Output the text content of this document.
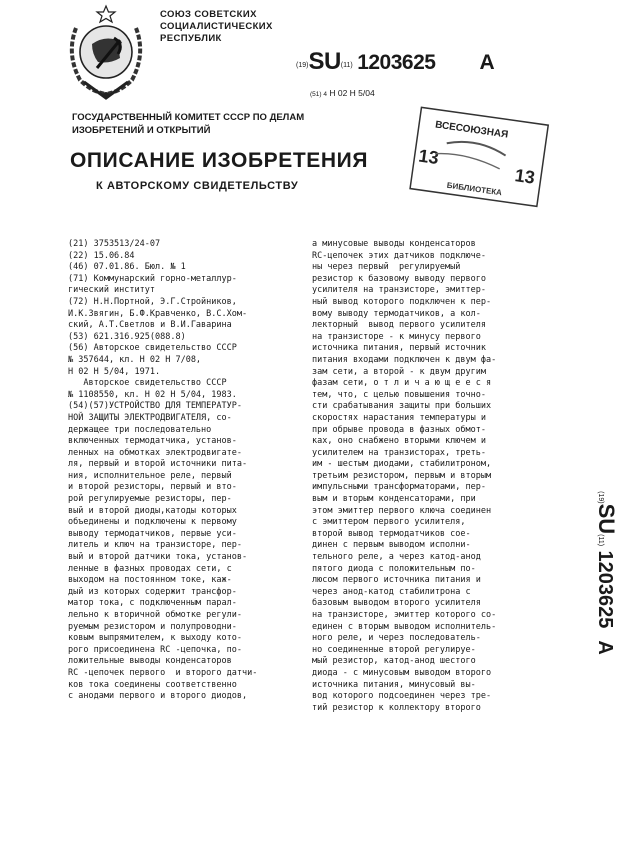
СОЮЗ СОВЕТСКИХ СОЦИАЛИСТИЧЕСКИХ РЕСПУБЛИК
(19)SU(11) 1203625 A
(51) 4 Н 02 Н 5/04
ГОСУДАРСТВЕННЫЙ КОМИТЕТ СССР ПО ДЕЛАМ ИЗОБРЕТЕНИЙ И ОТКРЫТИЙ
ОПИСАНИЕ ИЗОБРЕТЕНИЯ
К АВТОРСКОМУ СВИДЕТЕЛЬСТВУ
ВСЕСОЮЗНАЯ
13
13
БИБЛИОТЕКА
(21) 3753513/24-07
(22) 15.06.84
(46) 07.01.86. Бюл. № 1
(71) Коммунарский горно-металлур-
гический институт
(72) Н.Н.Портной, Э.Г.Стройников,
И.К.Звягин, Б.Ф.Кравченко, В.С.Хом-
ский, А.Т.Светлов и В.И.Гаварина
(53) 621.316.925(088.8)
(56) Авторское свидетельство СССР
№ 357644, кл. Н 02 Н 7/08,
Н 02 Н 5/04, 1971.
Авторское свидетельство СССР
№ 1108550, кл. Н 02 Н 5/04, 1983.
(54)(57)УСТРОЙСТВО ДЛЯ ТЕМПЕРАТУР-
НОЙ ЗАЩИТЫ ЭЛЕКТРОДВИГАТЕЛЯ, со-
держащее три последовательно
включенных термодатчика, установ-
ленных на обмотках электродвигате-
ля, первый и второй источники пита-
ния, исполнительное реле, первый
и второй резисторы, первый и вто-
рой регулируемые резисторы, пер-
вый и второй диоды,катоды которых
объединены и подключены к первому
выводу термодатчиков, первые уси-
литель и ключ на транзисторе, пер-
вый и второй датчики тока, установ-
ленные в фазных проводах сети, с
выходом на постоянном токе, каж-
дый из которых содержит трансфор-
матор тока, с подключенным парал-
лельно к вторичной обмотке регули-
руемым резистором и полупроводни-
ковым выпрямителем, к выходу кото-
рого присоединена RC -цепочка, по-
ложительные выводы конденсаторов
RC -цепочек первого  и второго датчи-
ков тока соединены соответственно
с анодами первого и второго диодов,
а минусовые выводы конденсаторов
RC-цепочек этих датчиков подключе-
ны через первый  регулируемый
резистор к базовому выводу первого
усилителя на транзисторе, эмиттер-
ный вывод которого подключен к пер-
вому выводу термодатчиков, а кол-
лекторный  вывод первого усилителя
на транзисторе - к минусу первого
источника питания, первый источник
питания входами подключен к двум фа-
зам сети, а второй - к двум другим
фазам сети, о т л и ч а ю щ е е с я
тем, что, с целью повышения точно-
сти срабатывания защиты при больших
скоростях нарастания температуры и
при обрыве провода в фазных обмот-
ках, оно снабжено вторыми ключем и
усилителем на транзисторах, треть-
им - шестым диодами, стабилитроном,
третьим резистором, первым и вторым
импульсными трансформаторами, пер-
вым и вторым конденсаторами, при
этом эмиттер первого ключа соединен
с эмиттером первого усилителя,
второй вывод термодатчиков сое-
динен с первым выводом исполни-
тельного реле, а через катод-анод
пятого диода с положительным по-
люсом первого источника питания и
через анод-катод стабилитрона с
базовым выводом второго усилителя
на транзисторе, эмиттер которого со-
единен с вторым выводом исполнитель-
ного реле, и через последователь-
но соединенные второй регулируе-
мый резистор, катод-анод шестого
диода - с минусовым выводом второго
источника питания, минусовый вы-
вод которого подсоединен через тре-
тий резистор к коллектору второго
(19)SU(11) 1203625A
